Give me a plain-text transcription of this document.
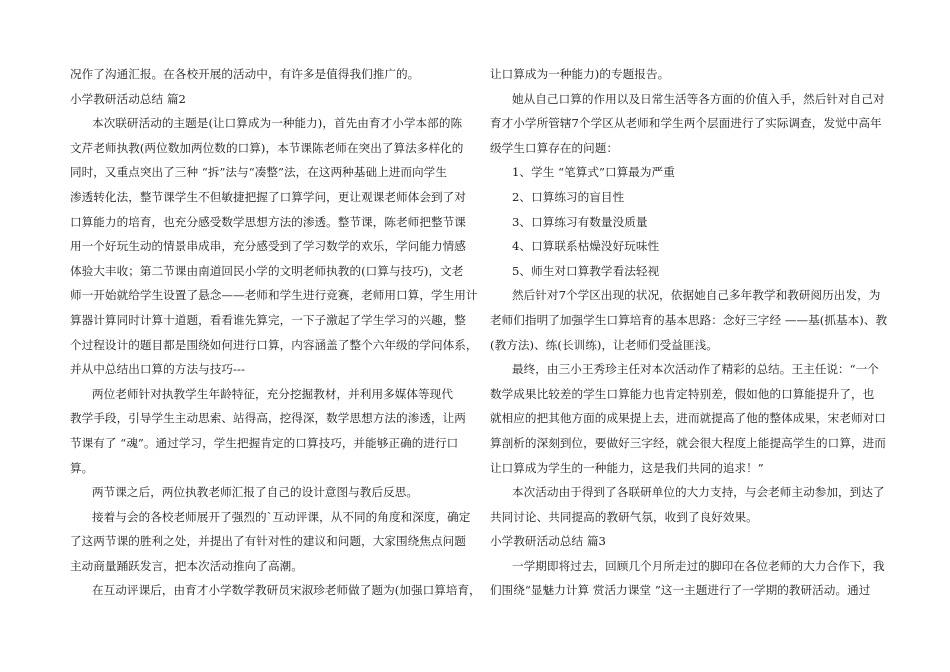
况作了沟通汇报。在各校开展的活动中，有许多是值得我们推广的。
小学教研活动总结 篇2
本次联研活动的主题是(让口算成为一种能力)，首先由育才小学本部的陈
文芹老师执教(两位数加两位数的口算)，本节课陈老师在突出了算法多样化的
同时，又重点突出了三种 “拆”法与“凑整”法，在这两种基础上进而向学生
渗透转化法，整节课学生不但敏捷把握了口算学问，更让观课老师体会到了对
口算能力的培育，也充分感受数学思想方法的渗透。整节课，陈老师把整节课
用一个好玩生动的情景串成串，充分感受到了学习数学的欢乐，学问能力情感
体验大丰收；第二节课由南道回民小学的文明老师执教的(口算与技巧)，文老
师一开始就给学生设置了悬念——老师和学生进行竞赛，老师用口算，学生用计
算器计算同时计算十道题，看看谁先算完，一下子激起了学生学习的兴趣，整
个过程设计的题目都是围绕如何进行口算，内容涵盖了整个六年级的学问体系，
并从中总结出口算的方法与技巧---
两位老师针对执教学生年龄特征，充分挖掘教材，并利用多媒体等现代
教学手段，引导学生主动思索、站得高，挖得深，数学思想方法的渗透，让两
节课有了 “魂”。通过学习，学生把握肯定的口算技巧，并能够正确的进行口
算。
两节课之后，两位执教老师汇报了自己的设计意图与教后反思。
接着与会的各校老师展开了强烈的`互动评课，从不同的角度和深度，确定
了这两节课的胜利之处，并提出了有针对性的建议和问题，大家围绕焦点问题
主动商量踊跃发言，把本次活动推向了高潮。
在互动评课后，由育才小学数学教研员宋淑珍老师做了题为(加强口算培育，
让口算成为一种能力)的专题报告。
她从自己口算的作用以及日常生活等各方面的价值入手，然后针对自己对
育才小学所管辖7个学区从老师和学生两个层面进行了实际调查，发觉中高年
级学生口算存在的问题：
1、学生 “笔算式”口算最为严重
2、口算练习的盲目性
3、口算练习有数量没质量
4、口算联系枯燥没好玩味性
5、师生对口算教学看法轻视
然后针对7个学区出现的状况，依据她自己多年教学和教研阅历出发，为
老师们指明了加强学生口算培育的基本思路：念好三字经 ——基(抓基本)、教
(教方法)、练(长训练)，让老师们受益匪浅。
最终，由三小王秀珍主任对本次活动作了精彩的总结。王主任说：“一个
数学成果比较差的学生口算能力也肯定特别差，假如他的口算能提升了，也
就相应的把其他方面的成果提上去，进而就提高了他的整体成果，宋老师对口
算剖析的深刻到位，要做好三字经，就会很大程度上能提高学生的口算，进而
让口算成为学生的一种能力，这是我们共同的追求！”
本次活动由于得到了各联研单位的大力支持，与会老师主动参加，到达了
共同讨论、共同提高的教研气氛，收到了良好效果。
小学教研活动总结 篇3
一学期即将过去，回顾几个月所走过的脚印在各位老师的大力合作下，我
们围绕“显魅力计算 赏活力课堂 ”这一主题进行了一学期的教研活动。通过
